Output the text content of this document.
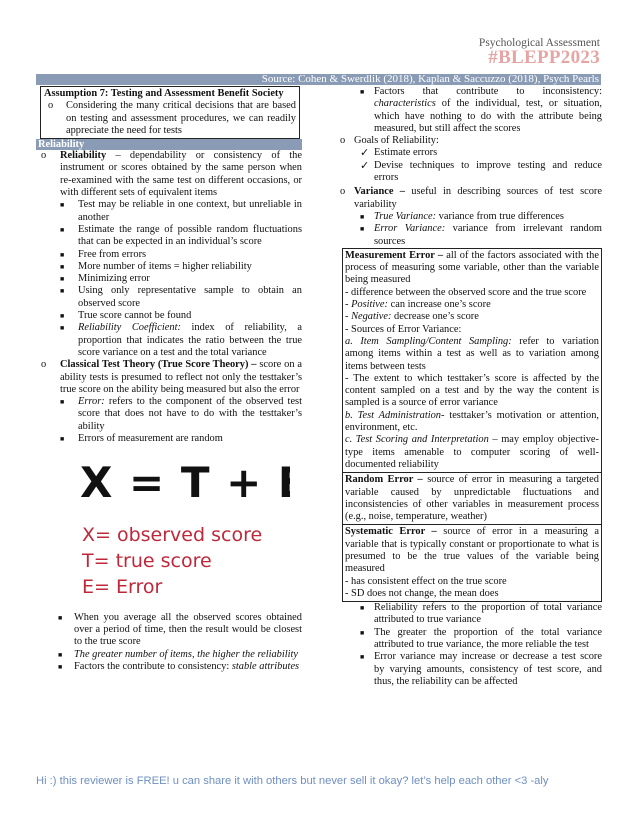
Psychological Assessment
#BLEPP2023
Source: Cohen & Swerdlik (2018), Kaplan & Saccuzzo (2018), Psych Pearls
Assumption 7: Testing and Assessment Benefit Society
o Considering the many critical decisions that are based on testing and assessment procedures, we can readily appreciate the need for tests
Reliability
o Reliability – dependability or consistency of the instrument or scores obtained by the same person when re-examined with the same test on different occasions, or with different sets of equivalent items
■ Test may be reliable in one context, but unreliable in another
■ Estimate the range of possible random fluctuations that can be expected in an individual’s score
■ Free from errors
■ More number of items = higher reliability
■ Minimizing error
■ Using only representative sample to obtain an observed score
■ True score cannot be found
■ Reliability Coefficient: index of reliability, a proportion that indicates the ratio between the true score variance on a test and the total variance
o Classical Test Theory (True Score Theory) – score on a ability tests is presumed to reflect not only the testtaker’s true score on the ability being measured but also the error
■ Error: refers to the component of the observed test score that does not have to do with the testtaker’s ability
■ Errors of measurement are random
X = T + E
X= observed score
T= true score
E= Error
■ When you average all the observed scores obtained over a period of time, then the result would be closest to the true score
■ The greater number of items, the higher the reliability
■ Factors the contribute to consistency: stable attributes
■ Factors that contribute to inconsistency: characteristics of the individual, test, or situation, which have nothing to do with the attribute being measured, but still affect the scores
o Goals of Reliability:
✓ Estimate errors
✓ Devise techniques to improve testing and reduce errors
o Variance – useful in describing sources of test score variability
■ True Variance: variance from true differences
■ Error Variance: variance from irrelevant random sources
Measurement Error – all of the factors associated with the process of measuring some variable, other than the variable being measured
- difference between the observed score and the true score
- Positive: can increase one’s score
- Negative: decrease one’s score
- Sources of Error Variance:
a. Item Sampling/Content Sampling: refer to variation among items within a test as well as to variation among items between tests
- The extent to which testtaker’s score is affected by the content sampled on a test and by the way the content is sampled is a source of error variance
b. Test Administration- testtaker’s motivation or attention, environment, etc.
c. Test Scoring and Interpretation – may employ objective-type items amenable to computer scoring of well-documented reliability
Random Error – source of error in measuring a targeted variable caused by unpredictable fluctuations and inconsistencies of other variables in measurement process (e.g., noise, temperature, weather)
Systematic Error – source of error in a measuring a variable that is typically constant or proportionate to what is presumed to be the true values of the variable being measured
- has consistent effect on the true score
- SD does not change, the mean does
■ Reliability refers to the proportion of total variance attributed to true variance
■ The greater the proportion of the total variance attributed to true variance, the more reliable the test
■ Error variance may increase or decrease a test score by varying amounts, consistency of test score, and thus, the reliability can be affected
Hi :) this reviewer is FREE! u can share it with others but never sell it okay? let’s help each other <3 -aly
